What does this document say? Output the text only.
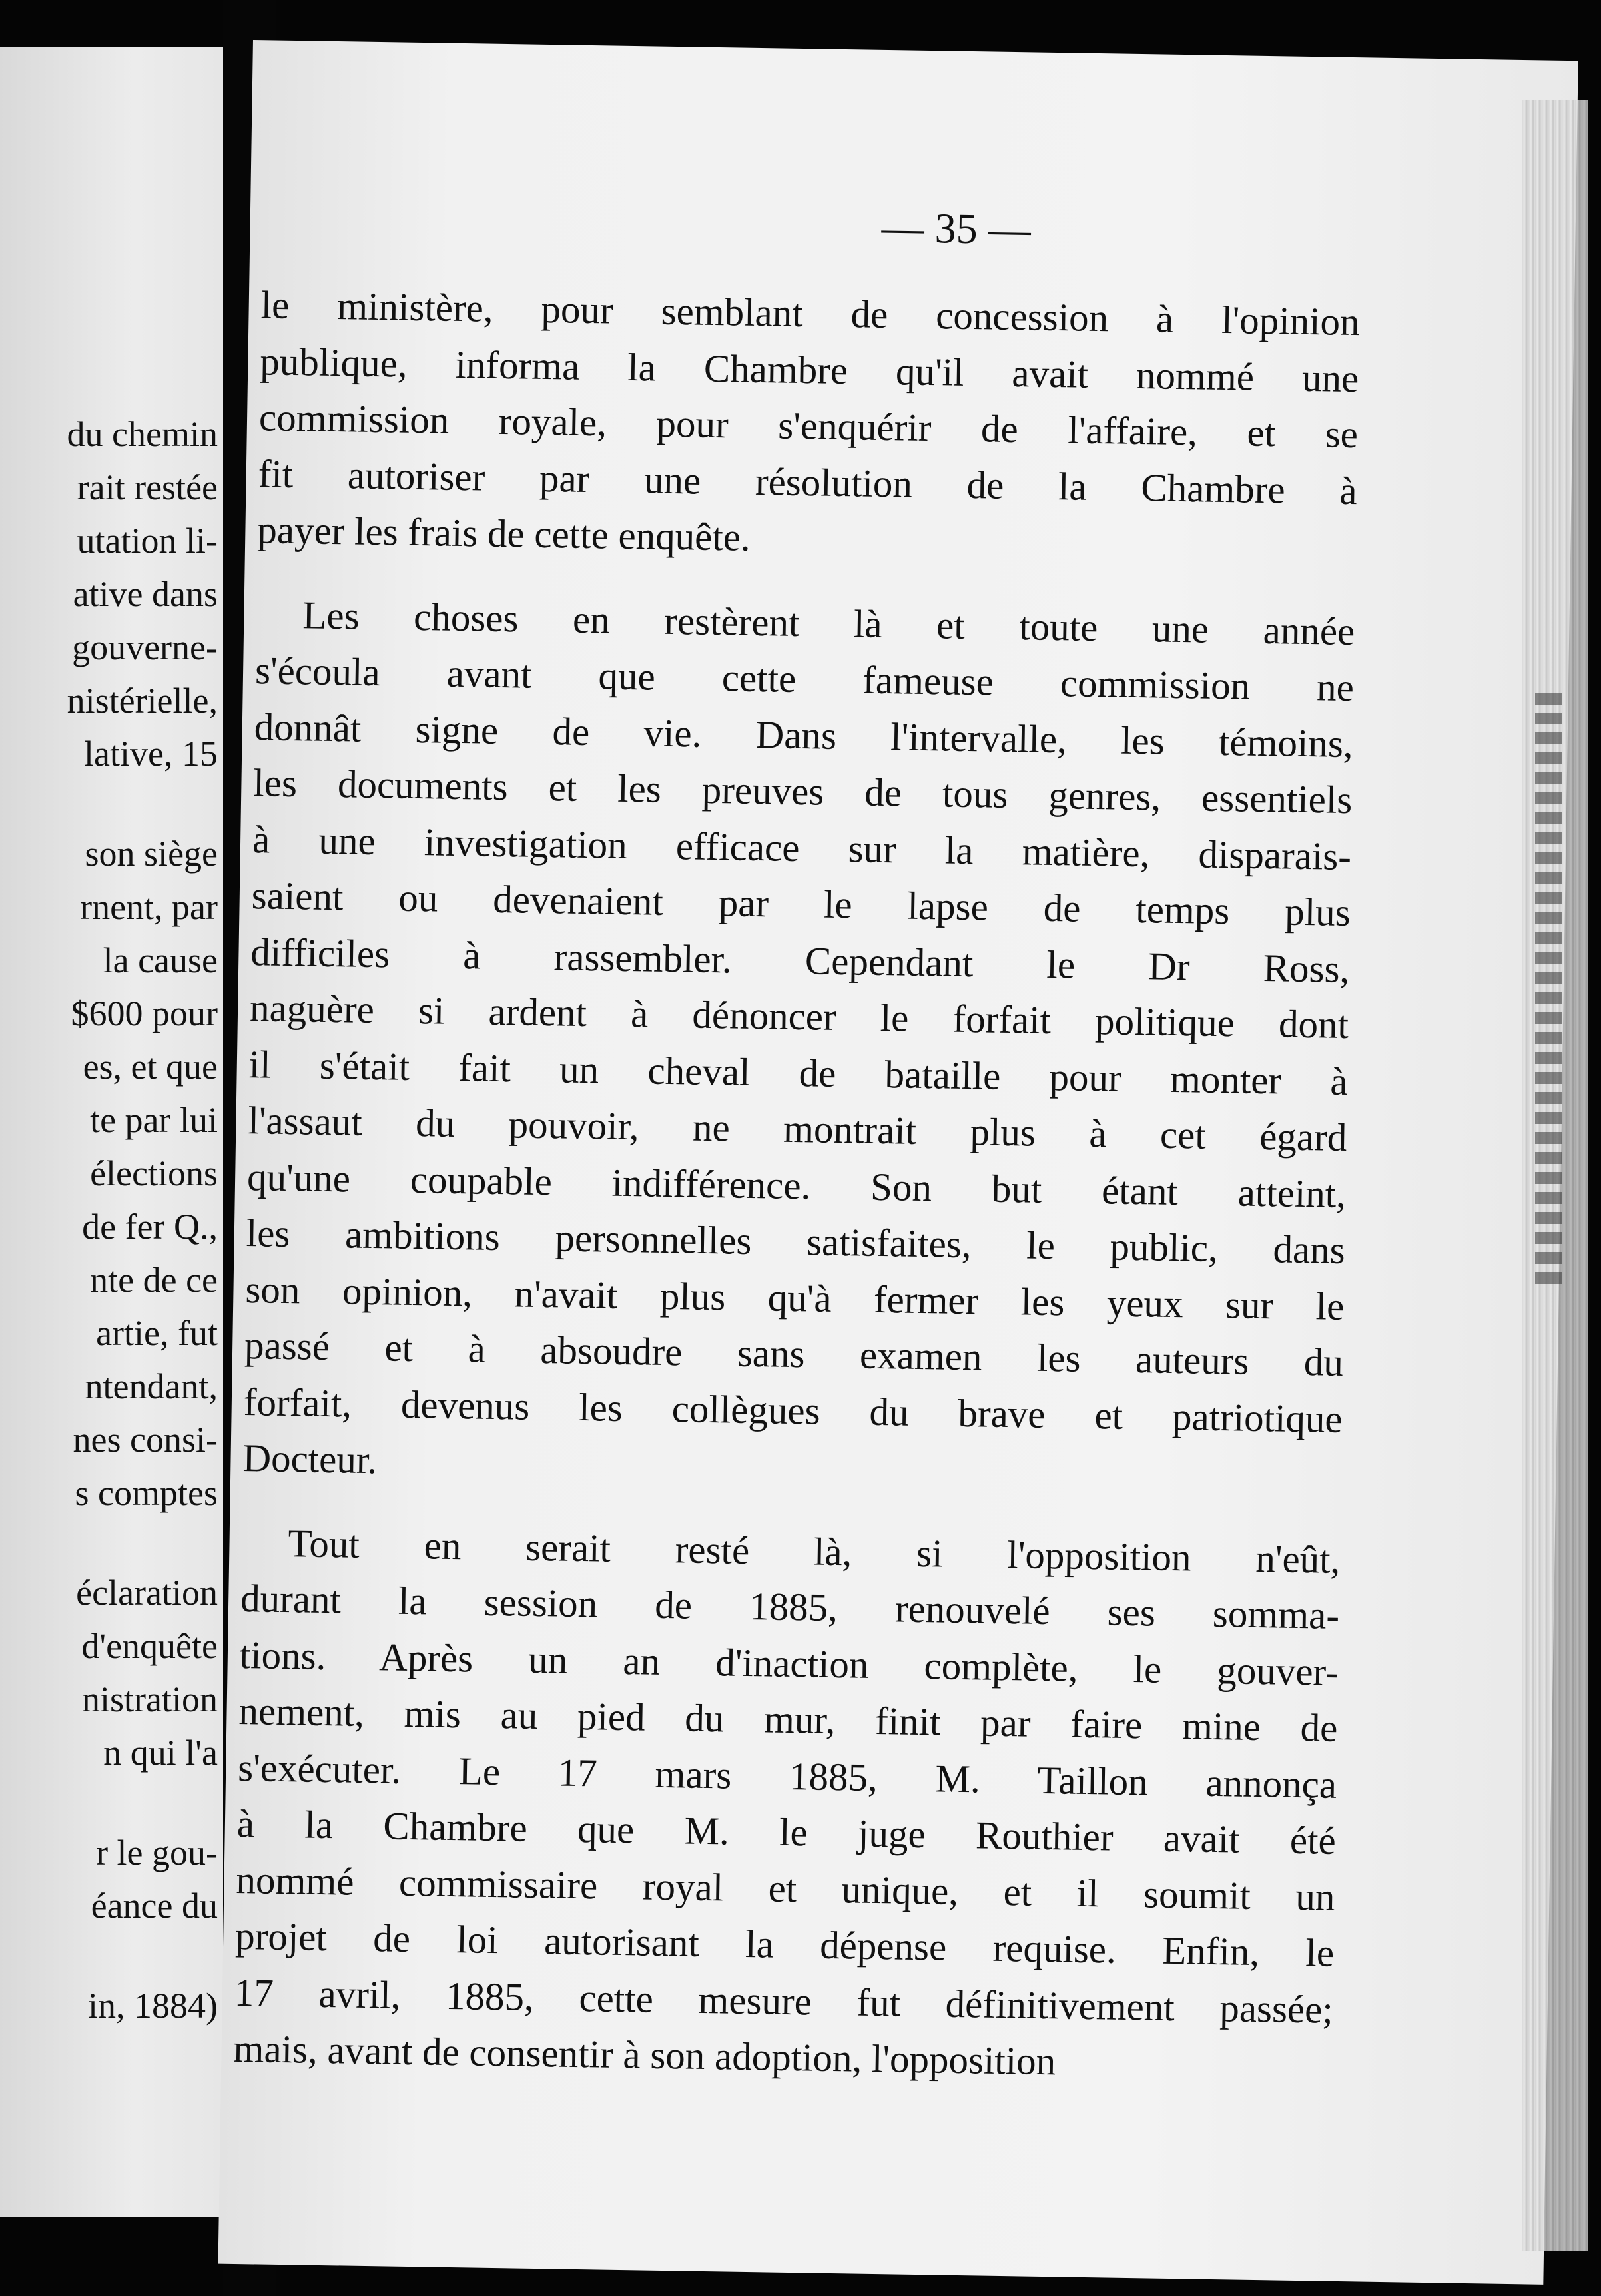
du chemin
rait restée
utation li-
ative dans
gouverne-
nistérielle,
lative, 15
son siège
rnent, par
la cause
$600 pour
es, et que
te par lui
élections
de fer Q.,
nte de ce
artie, fut
ntendant,
nes consi-
s comptes
éclaration
d'enquête
nistration
n qui l'a
r le gou-
éance du
in, 1884)
— 35 —
le ministère, pour semblant de concession à l'opinion
publique, informa la Chambre qu'il avait nommé une
commission royale, pour s'enquérir de l'affaire, et se
fit autoriser par une résolution de la Chambre à
payer les frais de cette enquête.
Les choses en restèrent là et toute une année
s'écoula avant que cette fameuse commission ne
donnât signe de vie. Dans l'intervalle, les témoins,
les documents et les preuves de tous genres, essentiels
à une investigation efficace sur la matière, disparais-
saient ou devenaient par le lapse de temps plus
difficiles à rassembler. Cependant le Dr Ross,
naguère si ardent à dénoncer le forfait politique dont
il s'était fait un cheval de bataille pour monter à
l'assaut du pouvoir, ne montrait plus à cet égard
qu'une coupable indifférence. Son but étant atteint,
les ambitions personnelles satisfaites, le public, dans
son opinion, n'avait plus qu'à fermer les yeux sur le
passé et à absoudre sans examen les auteurs du
forfait, devenus les collègues du brave et patriotique
Docteur.
Tout en serait resté là, si l'opposition n'eût,
durant la session de 1885, renouvelé ses somma-
tions. Après un an d'inaction complète, le gouver-
nement, mis au pied du mur, finit par faire mine de
s'exécuter. Le 17 mars 1885, M. Taillon annonça
à la Chambre que M. le juge Routhier avait été
nommé commissaire royal et unique, et il soumit un
projet de loi autorisant la dépense requise. Enfin, le
17 avril, 1885, cette mesure fut définitivement passée;
mais, avant de consentir à son adoption, l'opposition
